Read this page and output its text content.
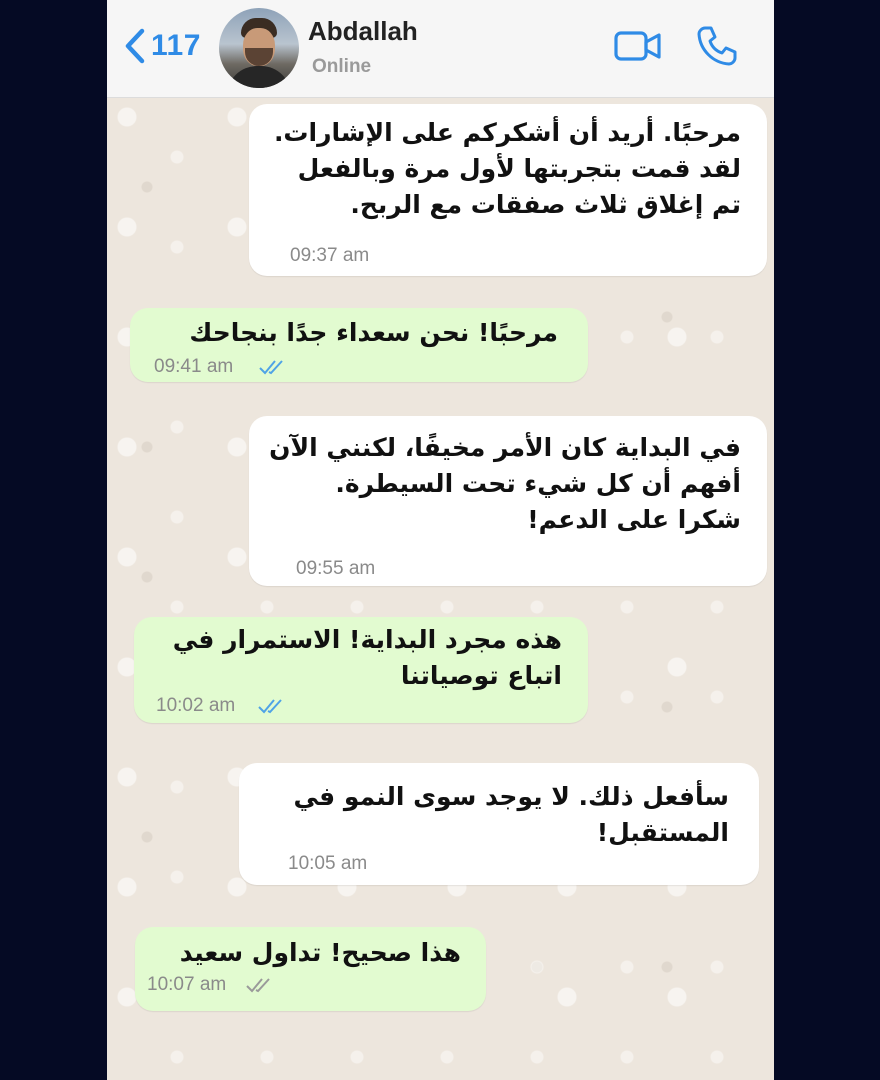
117	Abdallah
Online
مرحبًا. أريد أن أشكركم على الإشارات.
لقد قمت بتجربتها لأول مرة وبالفعل
تم إغلاق ثلاث صفقات مع الربح.
09:37 am
مرحبًا! نحن سعداء جدًا بنجاحك
09:41 am
في البداية كان الأمر مخيفًا، لكنني الآن
أفهم أن كل شيء تحت السيطرة.
شكرا على الدعم!
09:55 am
هذه مجرد البداية! الاستمرار في
اتباع توصياتنا
10:02 am
سأفعل ذلك. لا يوجد سوى النمو في
المستقبل!
10:05 am
هذا صحيح! تداول سعيد
10:07 am
